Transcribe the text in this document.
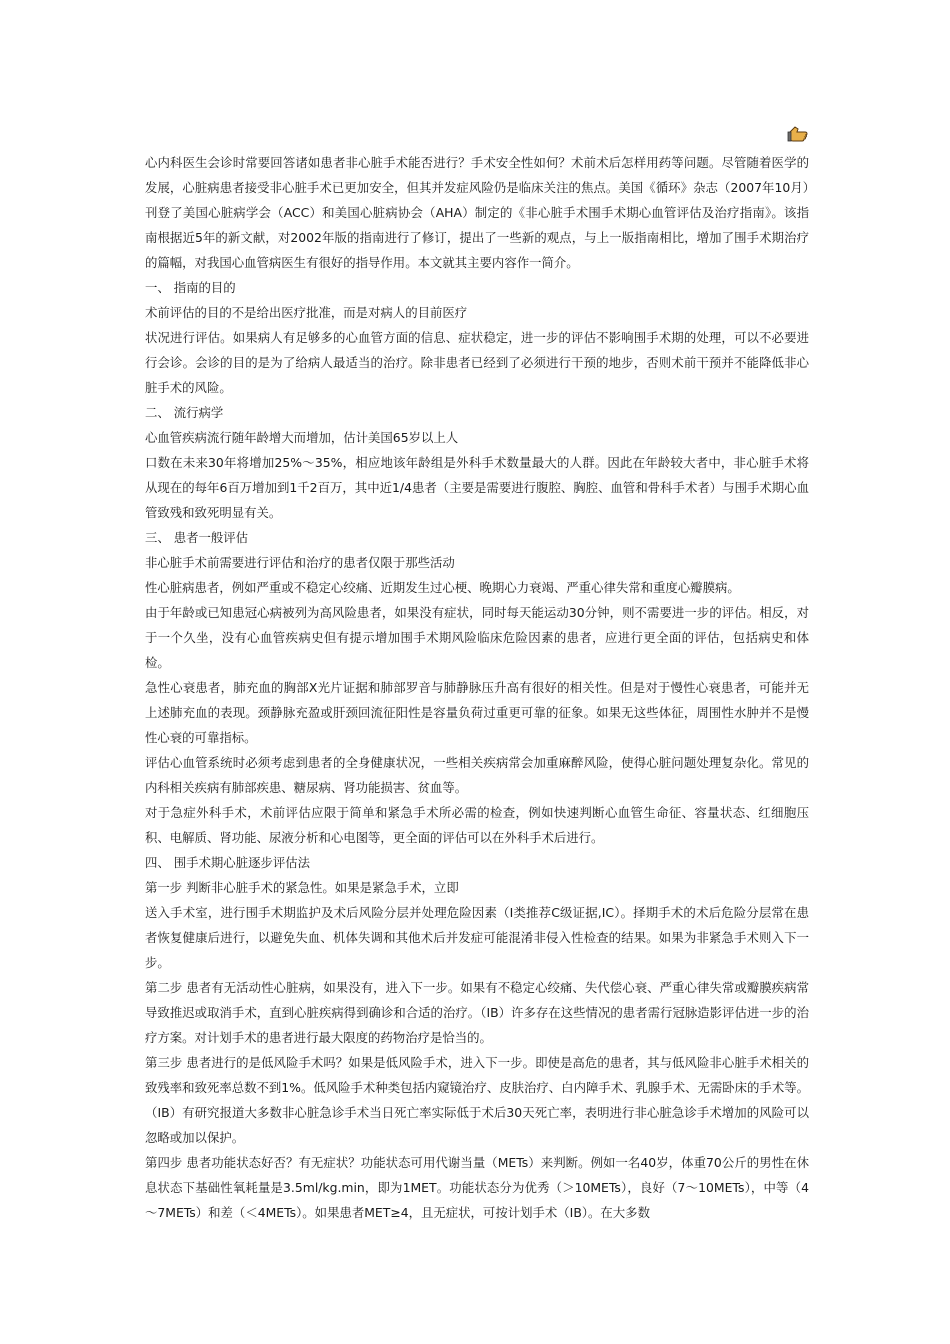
心内科医生会诊时常要回答诸如患者非心脏手术能否进行？手术安全性如何？术前术后怎样用药等问题。尽管随着医学的发展，心脏病患者接受非心脏手术已更加安全，但其并发症风险仍是临床关注的焦点。美国《循环》杂志（2007年10月）刊登了美国心脏病学会（ACC）和美国心脏病协会（AHA）制定的《非心脏手术围手术期心血管评估及治疗指南》。该指南根据近5年的新文献，对2002年版的指南进行了修订，提出了一些新的观点，与上一版指南相比，增加了围手术期治疗的篇幅，对我国心血管病医生有很好的指导作用。本文就其主要内容作一简介。

一、 指南的目的

术前评估的目的不是给出医疗批准，而是对病人的目前医疗

状况进行评估。如果病人有足够多的心血管方面的信息、症状稳定，进一步的评估不影响围手术期的处理，可以不必要进行会诊。会诊的目的是为了给病人最适当的治疗。除非患者已经到了必须进行干预的地步，否则术前干预并不能降低非心脏手术的风险。

二、 流行病学

心血管疾病流行随年龄增大而增加，估计美国65岁以上人

口数在未来30年将增加25%～35%，相应地该年龄组是外科手术数量最大的人群。因此在年龄较大者中，非心脏手术将从现在的每年6百万增加到1千2百万，其中近1/4患者（主要是需要进行腹腔、胸腔、血管和骨科手术者）与围手术期心血管致残和致死明显有关。

三、 患者一般评估

非心脏手术前需要进行评估和治疗的患者仅限于那些活动

性心脏病患者，例如严重或不稳定心绞痛、近期发生过心梗、晚期心力衰竭、严重心律失常和重度心瓣膜病。

由于年龄或已知患冠心病被列为高风险患者，如果没有症状，同时每天能运动30分钟，则不需要进一步的评估。相反，对于一个久坐，没有心血管疾病史但有提示增加围手术期风险临床危险因素的患者，应进行更全面的评估，包括病史和体检。

急性心衰患者，肺充血的胸部X光片证据和肺部罗音与肺静脉压升高有很好的相关性。但是对于慢性心衰患者，可能并无上述肺充血的表现。颈静脉充盈或肝颈回流征阳性是容量负荷过重更可靠的征象。如果无这些体征，周围性水肿并不是慢性心衰的可靠指标。

评估心血管系统时必须考虑到患者的全身健康状况，一些相关疾病常会加重麻醉风险，使得心脏问题处理复杂化。常见的内科相关疾病有肺部疾患、糖尿病、肾功能损害、贫血等。

对于急症外科手术，术前评估应限于简单和紧急手术所必需的检查，例如快速判断心血管生命征、容量状态、红细胞压积、电解质、肾功能、尿液分析和心电图等，更全面的评估可以在外科手术后进行。

四、 围手术期心脏逐步评估法

第一步 判断非心脏手术的紧急性。如果是紧急手术，立即

送入手术室，进行围手术期监护及术后风险分层并处理危险因素（I类推荐C级证据,IC）。择期手术的术后危险分层常在患者恢复健康后进行，以避免失血、机体失调和其他术后并发症可能混淆非侵入性检查的结果。如果为非紧急手术则入下一步。

第二步 患者有无活动性心脏病，如果没有，进入下一步。如果有不稳定心绞痛、失代偿心衰、严重心律失常或瓣膜疾病常导致推迟或取消手术，直到心脏疾病得到确诊和合适的治疗。（IB）许多存在这些情况的患者需行冠脉造影评估进一步的治疗方案。对计划手术的患者进行最大限度的药物治疗是恰当的。

第三步 患者进行的是低风险手术吗？如果是低风险手术，进入下一步。即使是高危的患者，其与低风险非心脏手术相关的致残率和致死率总数不到1%。低风险手术种类包括内窥镜治疗、皮肤治疗、白内障手术、乳腺手术、无需卧床的手术等。（IB）有研究报道大多数非心脏急诊手术当日死亡率实际低于术后30天死亡率，表明进行非心脏急诊手术增加的风险可以忽略或加以保护。

第四步 患者功能状态好否？有无症状？功能状态可用代谢当量（METs）来判断。例如一名40岁，体重70公斤的男性在休息状态下基础性氧耗量是3.5ml/kg.min，即为1MET。功能状态分为优秀（＞10METs），良好（7～10METs），中等（4～7METs）和差（＜4METs）。如果患者MET≥4，且无症状，可按计划手术（IB）。在大多数
